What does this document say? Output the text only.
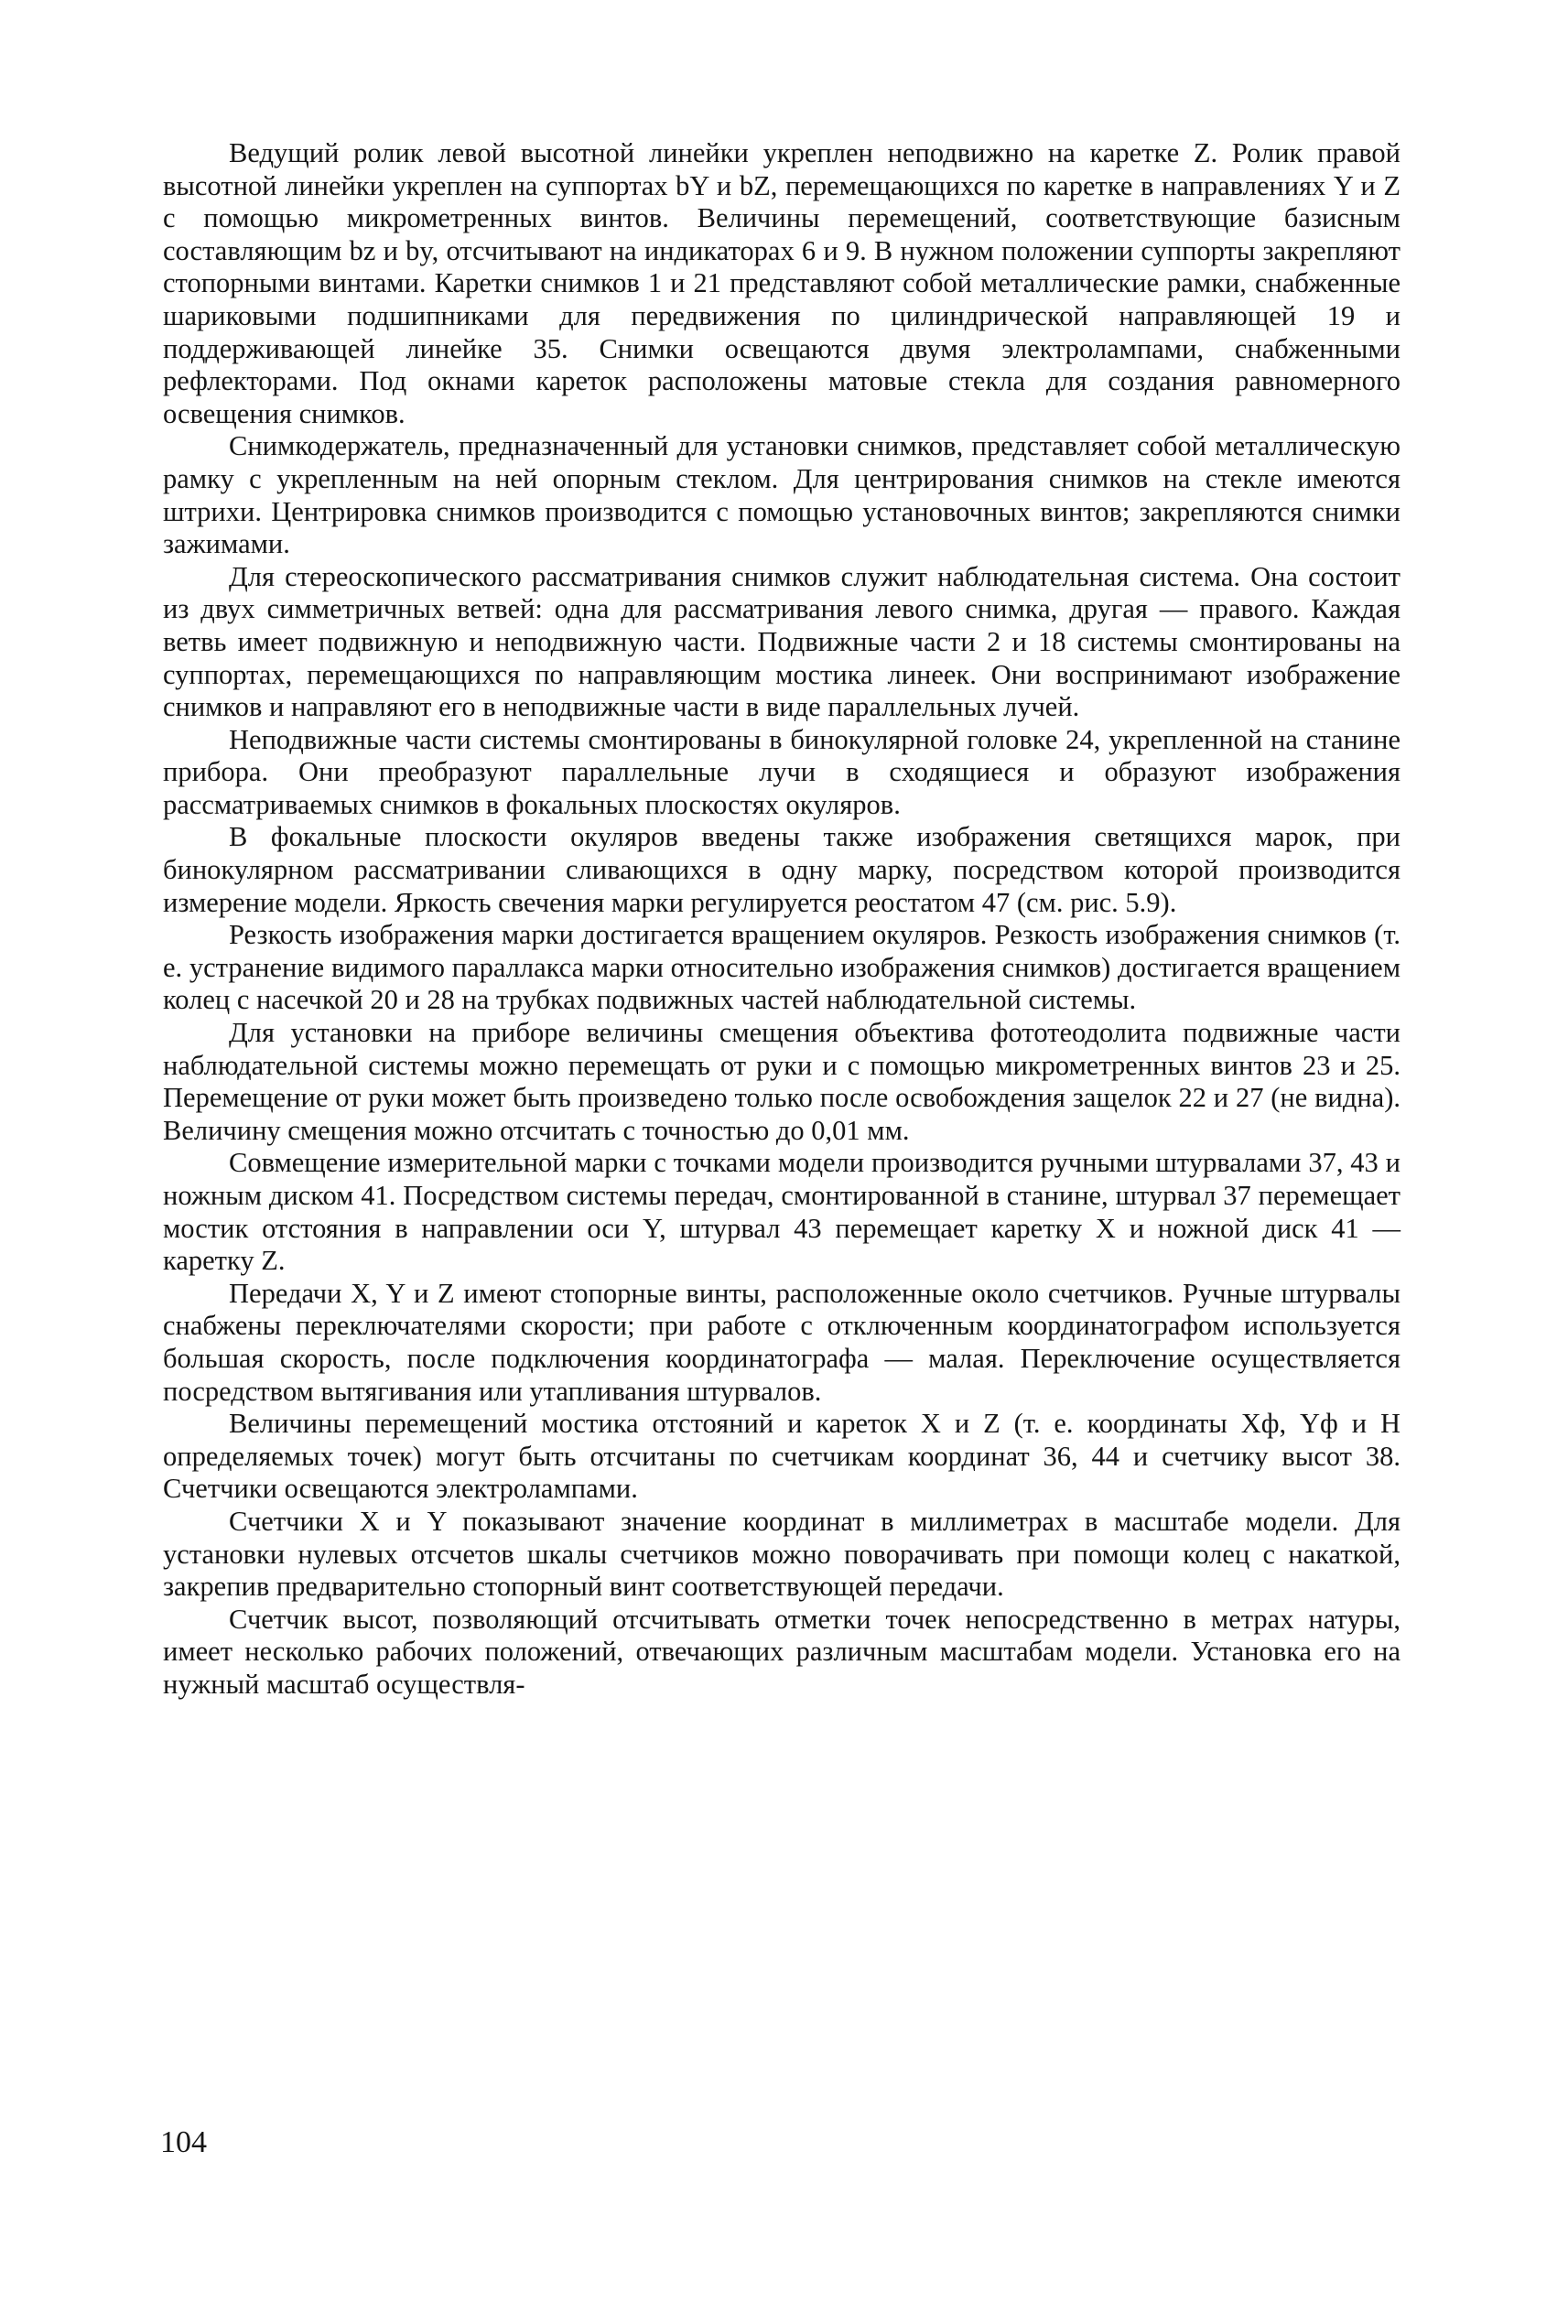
Ведущий ролик левой высотной линейки укреплен неподвижно на каретке Z. Ролик правой высотной линейки укреплен на суппортах bY и bZ, перемещающихся по каретке в направлениях Y и Z с помощью микрометренных винтов. Величины перемещений, соответствующие базисным составляющим bz и by, отсчитывают на индикаторах 6 и 9. В нужном положении суппорты закрепляют стопорными винтами. Каретки снимков 1 и 21 представляют собой металлические рамки, снабженные шариковыми подшипниками для передвижения по цилиндрической направляющей 19 и поддерживающей линейке 35. Снимки освещаются двумя электролампами, снабженными рефлекторами. Под окнами кареток расположены матовые стекла для создания равномерного освещения снимков.

Снимкодержатель, предназначенный для установки снимков, представляет собой металлическую рамку с укрепленным на ней опорным стеклом. Для центрирования снимков на стекле имеются штрихи. Центрировка снимков производится с помощью установочных винтов; закрепляются снимки зажимами.

Для стереоскопического рассматривания снимков служит наблюдательная система. Она состоит из двух симметричных ветвей: одна для рассматривания левого снимка, другая — правого. Каждая ветвь имеет подвижную и неподвижную части. Подвижные части 2 и 18 системы смонтированы на суппортах, перемещающихся по направляющим мостика линеек. Они воспринимают изображение снимков и направляют его в неподвижные части в виде параллельных лучей.

Неподвижные части системы смонтированы в бинокулярной головке 24, укрепленной на станине прибора. Они преобразуют параллельные лучи в сходящиеся и образуют изображения рассматриваемых снимков в фокальных плоскостях окуляров.

В фокальные плоскости окуляров введены также изображения светящихся марок, при бинокулярном рассматривании сливающихся в одну марку, посредством которой производится измерение модели. Яркость свечения марки регулируется реостатом 47 (см. рис. 5.9).

Резкость изображения марки достигается вращением окуляров. Резкость изображения снимков (т. е. устранение видимого параллакса марки относительно изображения снимков) достигается вращением колец с насечкой 20 и 28 на трубках подвижных частей наблюдательной системы.

Для установки на приборе величины смещения объектива фототеодолита подвижные части наблюдательной системы можно перемещать от руки и с помощью микрометренных винтов 23 и 25. Перемещение от руки может быть произведено только после освобождения защелок 22 и 27 (не видна). Величину смещения можно отсчитать с точностью до 0,01 мм.

Совмещение измерительной марки с точками модели производится ручными штурвалами 37, 43 и ножным диском 41. Посредством системы передач, смонтированной в станине, штурвал 37 перемещает мостик отстояния в направлении оси Y, штурвал 43 перемещает каретку X и ножной диск 41 — каретку Z.

Передачи X, Y и Z имеют стопорные винты, расположенные около счетчиков. Ручные штурвалы снабжены переключателями скорости; при работе с отключенным координатографом используется большая скорость, после подключения координатографа — малая. Переключение осуществляется посредством вытягивания или утапливания штурвалов.

Величины перемещений мостика отстояний и кареток X и Z (т. е. координаты Xф, Yф и H определяемых точек) могут быть отсчитаны по счетчикам координат 36, 44 и счетчику высот 38. Счетчики освещаются электролампами.

Счетчики X и Y показывают значение координат в миллиметрах в масштабе модели. Для установки нулевых отсчетов шкалы счетчиков можно поворачивать при помощи колец с накаткой, закрепив предварительно стопорный винт соответствующей передачи.

Счетчик высот, позволяющий отсчитывать отметки точек непосредственно в метрах натуры, имеет несколько рабочих положений, отвечающих различным масштабам модели. Установка его на нужный масштаб осуществля-

104
